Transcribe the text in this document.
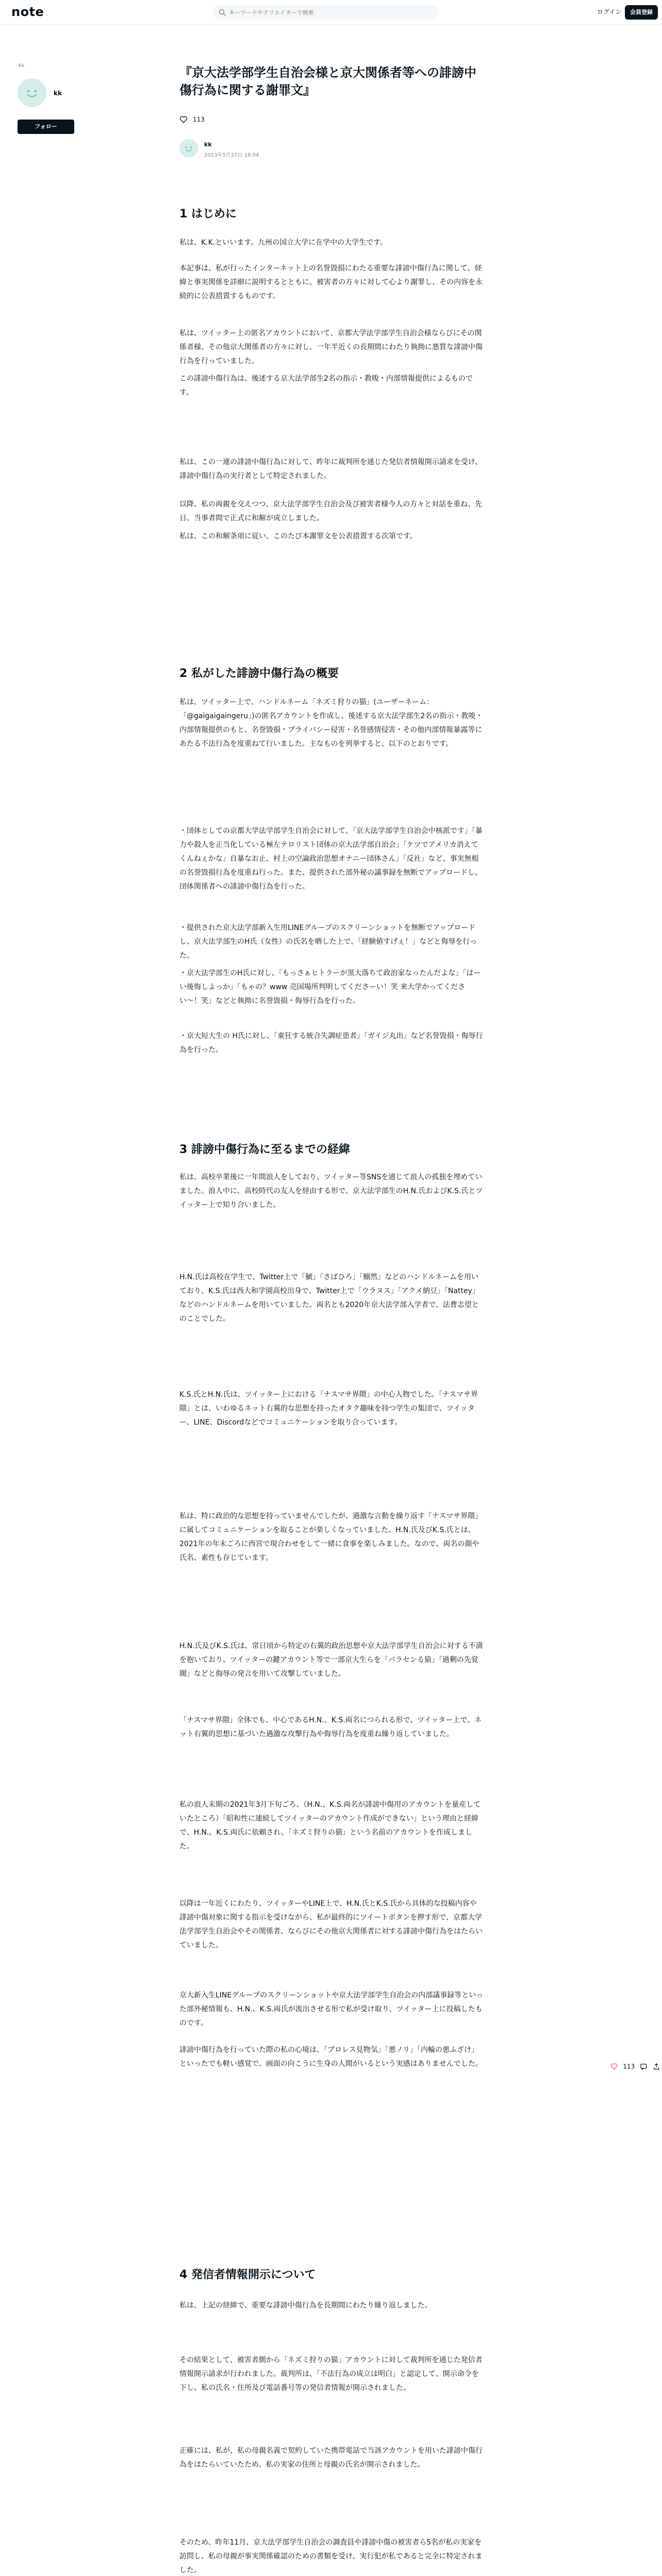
note
キーワードやクリエイターで検索	ログイン	会員登録
kk
kk
フォロー
『京大法学部学生自治会様と京大関係者等への誹謗中傷行為に関する謝罪文』
113
kk
2023年5月27日 18:04
1 はじめに

私は、K.K.といいます。九州の国立大学に在学中の大学生です。

本記事は、私が行ったインターネット上の名誉毀損にわたる重要な誹謗中傷行為に関して、経緯と事実関係を詳細に説明するとともに、被害者の方々に対して心より謝罪し、その内容を永続的に公表措置するものです。

私は、ツイッター上の匿名アカウントにおいて、京都大学法学部学生自治会様ならびにその関係者様、その他京大関係者の方々に対し、一年半近くの長期間にわたり執拗に悪質な誹謗中傷行為を行っていました。

この誹謗中傷行為は、後述する京大法学部生2名の指示・教唆・内部情報提供によるものです。

私は、この一連の誹謗中傷行為に対して、昨年に裁判所を通じた発信者情報開示請求を受け、誹謗中傷行為の実行者として特定されました。

以降、私の両親を交えつつ、京大法学部学生自治会及び被害者様今人の方々と対話を重ね、先日、当事者間で正式に和解が成立しました。

私は、この和解条項に従い、このたび本謝罪文を公表措置する次第です。

2 私がした誹謗中傷行為の概要

私は、ツイッター上で、ハンドルネーム「ネズミ狩りの猫」(ユーザーネーム：「@gaigaigaingeru」)の匿名アカウントを作成し、後述する京大法学部生2名の指示・教唆・内部情報提供のもと、名誉毀損・プライバシー侵害・名誉感情侵害・その他内部情報暴露等にあたる不法行為を度重ねて行いました。主なものを列挙すると、以下のとおりです。

・団体としての京都大学法学部学生自治会に対して、「京大法学部学生自治会中核派です」「暴力や殺人を正当化している極左テロリスト団体の京大法学部自治会」「ケツでアメリカ消えてくんねぇかな」自暴なお止、村上の空論政治思想オナニー団体さん」「反社」など、事実無根の名誉毀損行為を度重ね行った。また、提供された部外秘の議事録を無断でアップロードし、団体関係者への誹謗中傷行為を行った。

・提供された京大法学部新入生用LINEグループのスクリーンショットを無断でアップロードし、京大法学部生のH氏（女性）の氏名を晒した上で、「経験値すげぇ！」などと侮辱を行った。

・京大法学部生のH氏に対し、「もっさぁヒトラーが黒大落ちて政治家なったんだよな」「はーい後悔しよっか」「もゃの？www 売国場所判明してくださーい！笑 来大学かってください〜！笑」などと執拗に名誉毀損・侮辱行為を行った。

・京大短大生の H氏に対し、「東狂する統合失調症患者」「ガイジ丸出」など名誉毀損・侮辱行為を行った。

3 誹謗中傷行為に至るまでの経緯

私は、高校卒業後に一年間浪人をしており、ツイッター等SNSを通じて浪人の孤独を埋めていました。浪人中に、高校時代の友人を経由する形で、京大法学部生のH.N.氏およびK.S.氏とツイッター上で知り合いました。

H.N.氏は高校在学生で、Twitter上で「鯱」「さばひろ」「鰯然」などのハンドルネームを用いており、K.S.氏は西大和学園高校出身で、Twitter上で「ウラヌス」「アクメ納豆」「Nattey」などのハンドルネームを用いていました。両名とも2020年京大法学部入学者で、法曹志望とのことでした。

K.S.氏とH.N.氏は、ツイッター上における「ナスマサ界隈」の中心人物でした。「ナスマサ界隈」とは、いわゆるネット右翼的な思想を持ったオタク趣味を持つ学生の集団で、ツイッター、LINE、Discordなどでコミュニケーションを取り合っています。

私は、特に政治的な思想を持っていませんでしたが、過激な言動を繰り返す「ナスマサ界隈」に属してコミュニケーションを取ることが楽しくなっていました。H.N.氏及びK.S.氏とは、2021年の年末ごろに西宮で現合わせをして一緒に食事を楽しみました。なので、両名の顔や氏名、素性も存じています。

H.N.氏及びK.S.氏は、常日頃から特定の右翼的政治思想や京大法学部学生自治会に対する不満を抱いており、ツイッターの鍵アカウント等で一部京大生らを「パラセンる猿」「過剰の先覚閥」などと侮辱の発言を用いて攻撃していました。

「ナスマサ界隈」全体でも、中心であるH.N.、K.S.両名につられる形で、ツイッター上で、ネット右翼的思想に基づいた過激な攻撃行為や侮辱行為を度重ね繰り返していました。

私の浪人末期の2021年3月下旬ごろ、（H.N.、K.S.両名が誹謗中傷用のアカウントを量産していたところ）「昭和性に連続してツイッターのアカウント作成ができない」という理由と経緯で、H.N.、K.S.両氏に依頼され、「ネズミ狩りの猫」という名前のアカウントを作成しました。

以降は一年近くにわたり、ツイッターやLINE上で、H.N.氏とK.S.氏から具体的な投稿内容や誹謗中傷対象に関する指示を受けながら、私が最終的にツイートボタンを押す形で、京都大学法学部学生自治会やその関係者、ならびにその他京大関係者に対する誹謗中傷行為をはたらいていました。

京大新入生LINEグループのスクリーンショットや京大法学部学生自治会の内部議事録等といった部外秘情報も、H.N.、K.S.両氏が流出させる形で私が受け取り、ツイッター上に投稿したものです。

誹謗中傷行為を行っていた際の私の心境は、「プロレス見物気」「悪ノリ」「内輪の悪ふざけ」といったでも軽い感覚で、画面の向こうに生身の人間がいるという実感はありませんでした。

4 発信者情報開示について

私は、上記の経緯で、重要な誹謗中傷行為を長期間にわたり繰り返しました。

その結果として、被害者側から「ネズミ狩りの猫」アカウントに対して裁判所を通じた発信者情報開示請求が行われました。裁判所は、「不法行為の成立は明白」と認定して、開示命令を下し、私の氏名・住所及び電話番号等の発信者情報が開示されました。

正確には、私が、私の母親名義で契約していた携帯電話で当該アカウントを用いた誹謗中傷行為をはたらいていたため、私の実家の住所と母親の氏名が開示されました。

そのため、昨年11月、京大法学部学生自治会の調査員や誹謗中傷の被害者ら5名が私の実家を訪問し、私の母親が事実関係確認のための書類を受け、実行犯が私であると完全に特定されました。

113
